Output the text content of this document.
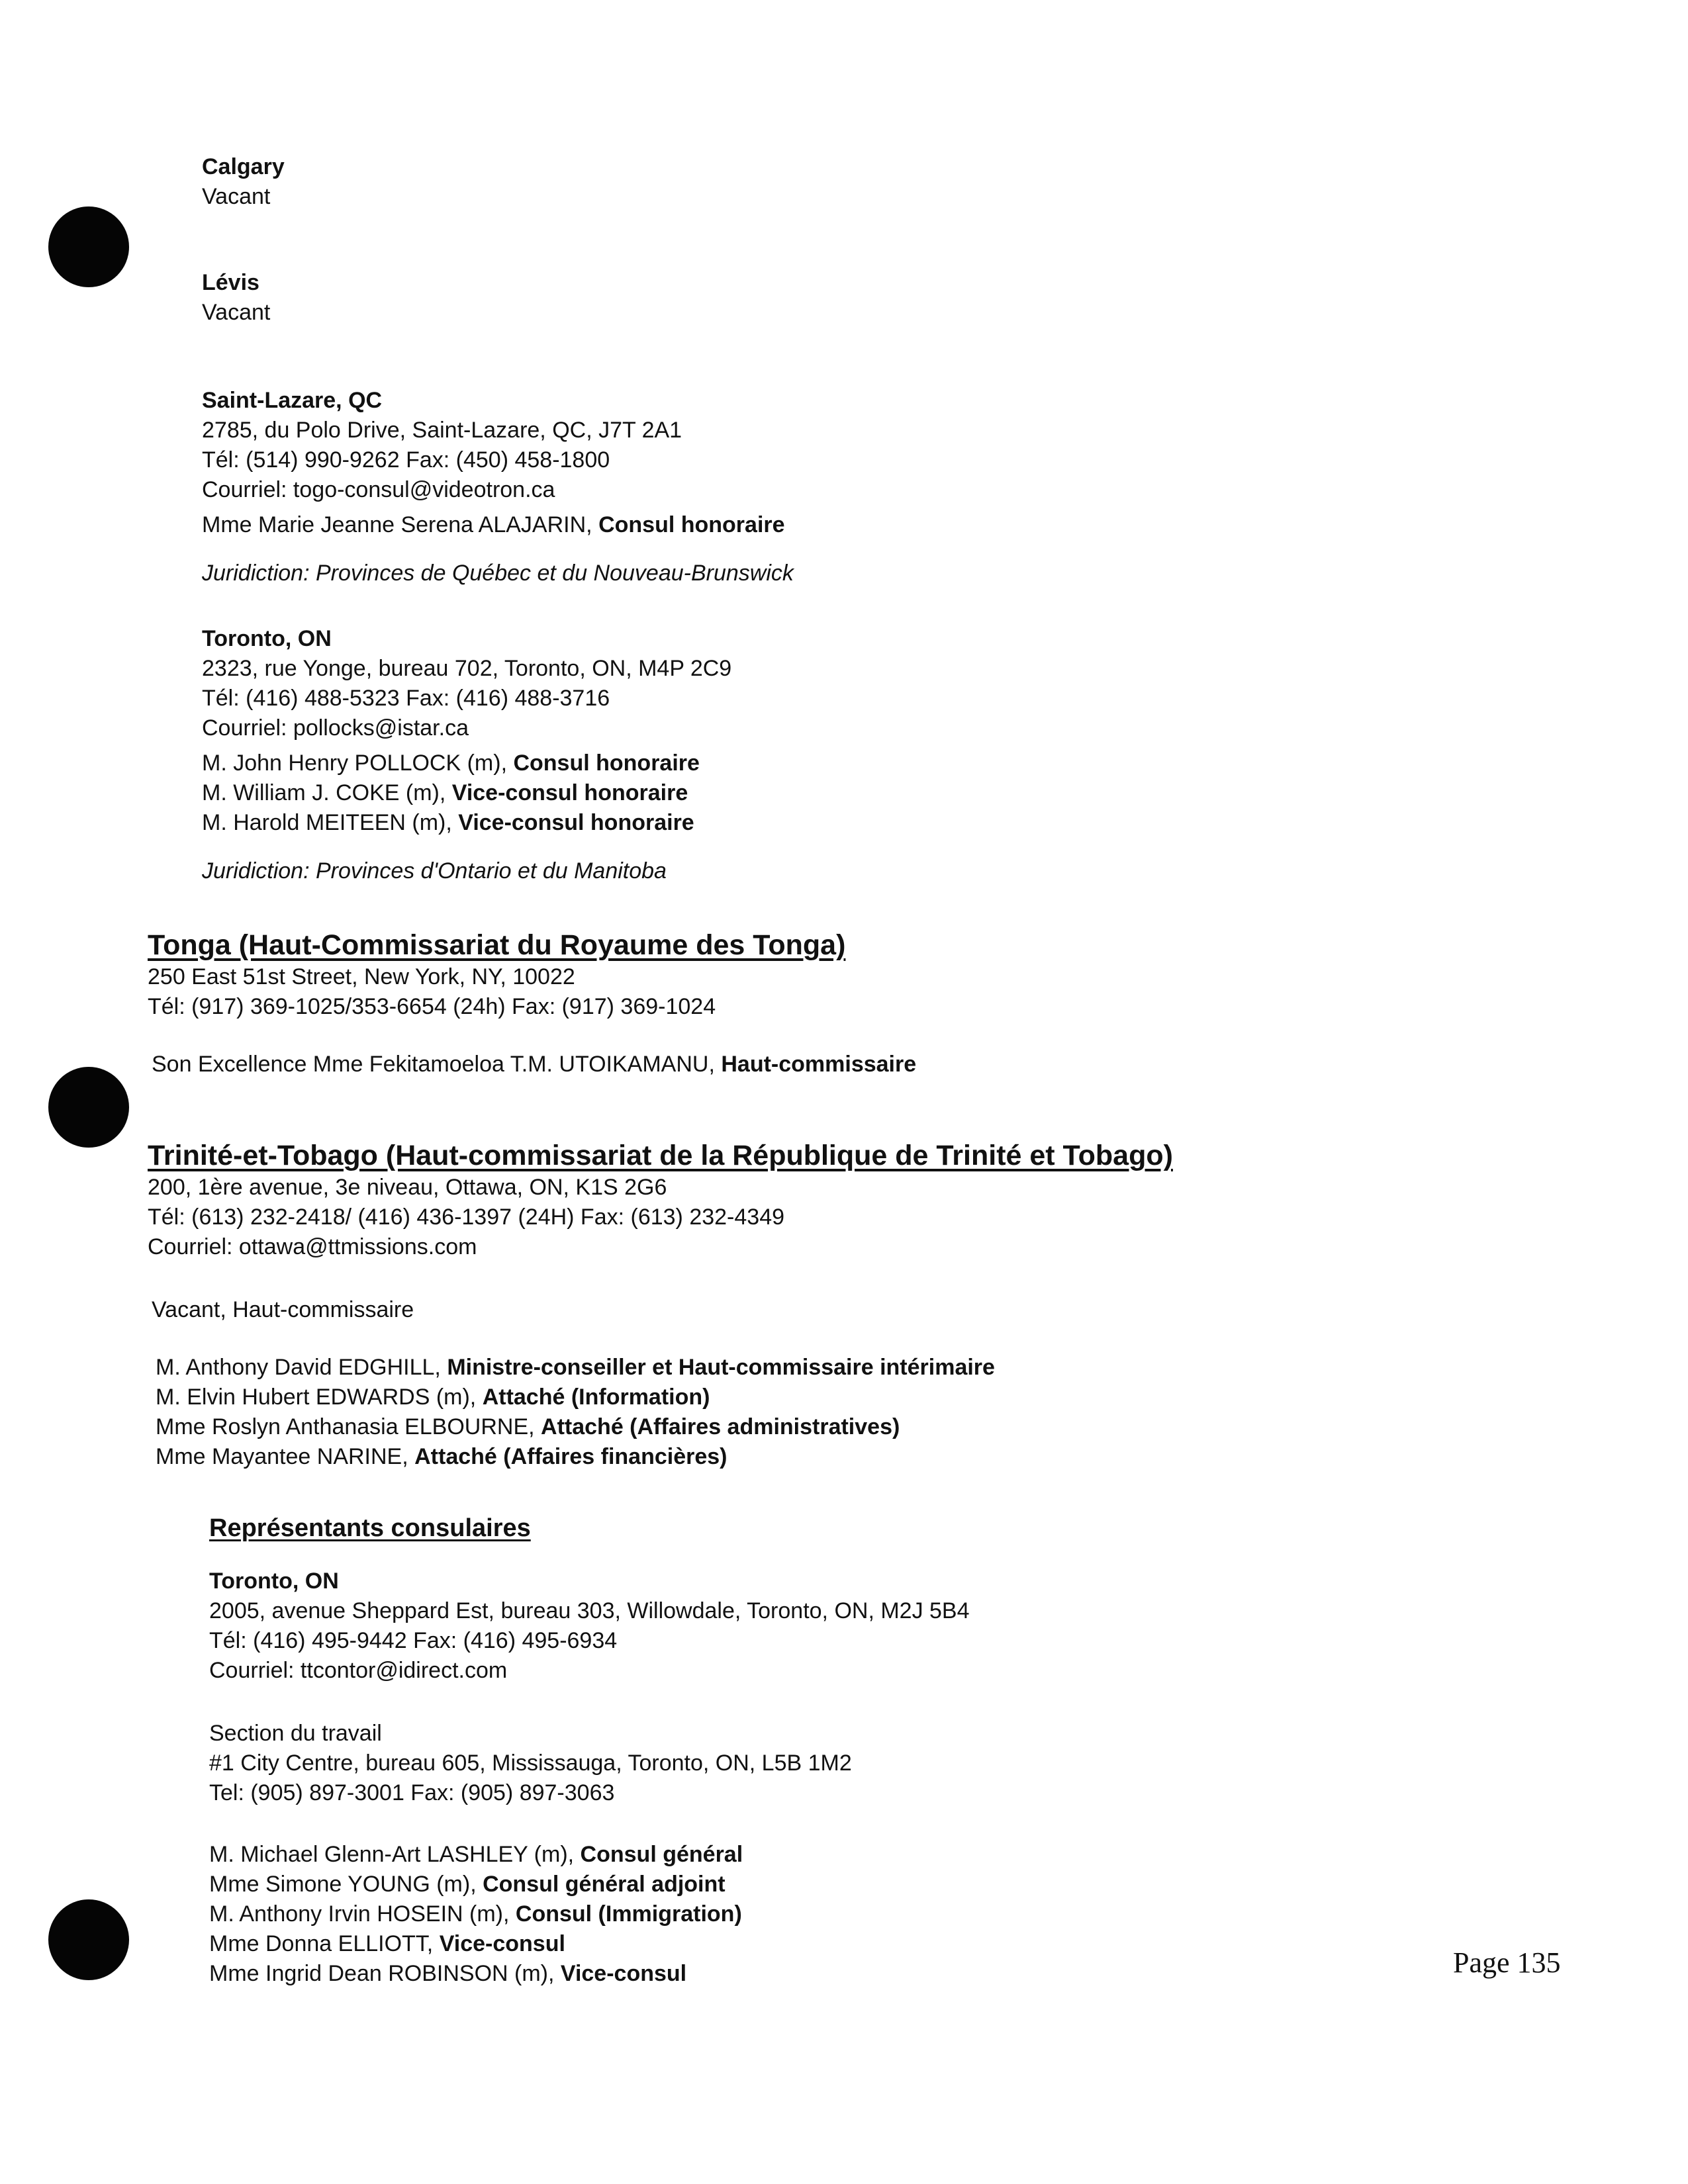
Calgary
Vacant
Lévis
Vacant
Saint-Lazare, QC
2785, du Polo Drive, Saint-Lazare, QC, J7T 2A1
Tél: (514) 990-9262 Fax: (450) 458-1800
Courriel: togo-consul@videotron.ca
Mme Marie Jeanne Serena ALAJARIN, Consul honoraire
Juridiction: Provinces de Québec et du Nouveau-Brunswick
Toronto, ON
2323, rue Yonge, bureau 702, Toronto, ON, M4P 2C9
Tél: (416) 488-5323 Fax: (416) 488-3716
Courriel: pollocks@istar.ca
M. John Henry POLLOCK (m), Consul honoraire
M. William J. COKE (m), Vice-consul honoraire
M. Harold MEITEEN (m), Vice-consul honoraire
Juridiction: Provinces d'Ontario et du Manitoba
Tonga (Haut-Commissariat du Royaume des Tonga)
250 East 51st Street, New York, NY, 10022
Tél: (917) 369-1025/353-6654 (24h) Fax: (917) 369-1024
Son Excellence Mme Fekitamoeloa T.M. UTOIKAMANU, Haut-commissaire
Trinité-et-Tobago (Haut-commissariat de la République de Trinité et Tobago)
200, 1ère avenue, 3e niveau, Ottawa, ON, K1S 2G6
Tél: (613) 232-2418/ (416) 436-1397 (24H) Fax: (613) 232-4349
Courriel: ottawa@ttmissions.com
Vacant, Haut-commissaire
M. Anthony David EDGHILL, Ministre-conseiller et Haut-commissaire intérimaire
M. Elvin Hubert EDWARDS (m), Attaché (Information)
Mme Roslyn Anthanasia ELBOURNE, Attaché (Affaires administratives)
Mme Mayantee NARINE, Attaché (Affaires financières)
Représentants consulaires
Toronto, ON
2005, avenue Sheppard Est, bureau 303, Willowdale, Toronto, ON, M2J 5B4
Tél: (416) 495-9442 Fax: (416) 495-6934
Courriel: ttcontor@idirect.com
Section du travail
#1 City Centre, bureau 605, Mississauga, Toronto, ON, L5B 1M2
Tel: (905) 897-3001 Fax: (905) 897-3063
M. Michael Glenn-Art LASHLEY (m), Consul général
Mme Simone YOUNG (m), Consul général adjoint
M. Anthony Irvin HOSEIN (m), Consul (Immigration)
Mme Donna ELLIOTT, Vice-consul
Mme Ingrid Dean ROBINSON (m), Vice-consul	Page 135
